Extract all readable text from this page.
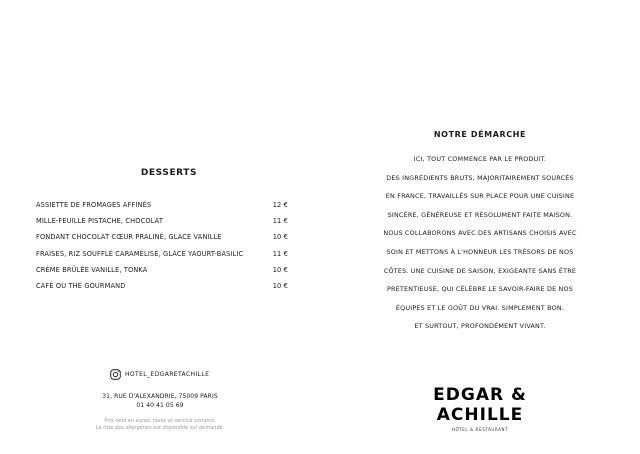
DESSERTS
ASSIETTE DE FROMAGES AFFINÉS	12 €
MILLE-FEUILLE PISTACHE, CHOCOLAT	11 €
FONDANT CHOCOLAT CŒUR PRALINÉ, GLACE VANILLE	10 €
FRAISES, RIZ SOUFFLÉ CARAMÉLISÉ, GLACE YAOURT-BASILIC	11 €
CRÈME BRÛLÉE VANILLE, TONKA	10 €
CAFÉ OU THÉ GOURMAND	10 €
NOTRE DÉMARCHE
ICI, TOUT COMMENCE PAR LE PRODUIT.
DES INGRÉDIENTS BRUTS, MAJORITAIREMENT SOURCÉS
EN FRANCE, TRAVAILLÉS SUR PLACE POUR UNE CUISINE
SINCÈRE, GÉNÉREUSE ET RÉSOLUMENT FAITE MAISON.
NOUS COLLABORONS AVEC DES ARTISANS CHOISIS AVEC
SOIN ET METTONS À L'HONNEUR LES TRÉSORS DE NOS
CÔTES. UNE CUISINE DE SAISON, EXIGEANTE SANS ÊTRE
PRÉTENTIEUSE, QUI CÉLÈBRE LE SAVOIR-FAIRE DE NOS
ÉQUIPES ET LE GOÛT DU VRAI. SIMPLEMENT BON.
ET SURTOUT, PROFONDÉMENT VIVANT.
HOTEL_EDGARETACHILLE
31, RUE D'ALEXANDRIE, 75009 PARIS
01 40 41 05 69
Prix nets en euros, taxes et service compris.
La liste des allergènes est disponible sur demande.
EDGAR & ACHILLE
HÔTEL & RESTAURANT
